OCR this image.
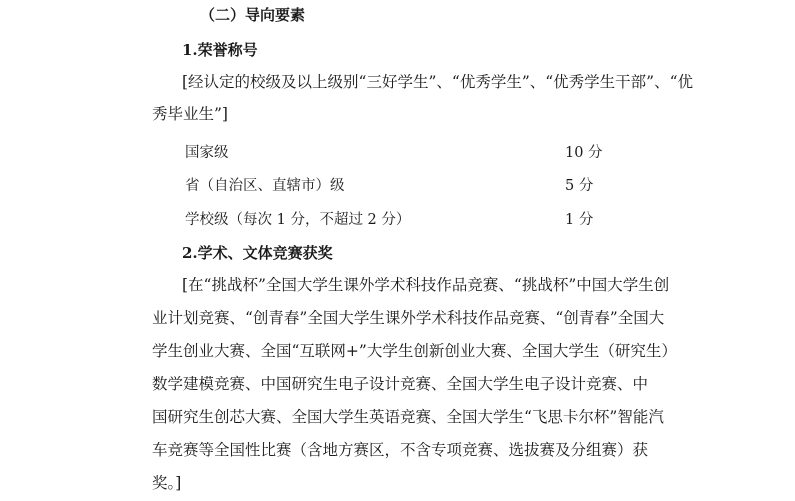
（二）导向要素
1.荣誉称号
[经认定的校级及以上级别“三好学生”、“优秀学生”、“优秀学生干部”、“优
秀毕业生”]
国家级	10 分
省（自治区、直辖市）级	5 分
学校级（每次 1 分，不超过 2 分）	1 分
2.学术、文体竞赛获奖
[在“挑战杯”全国大学生课外学术科技作品竞赛、“挑战杯”中国大学生创
业计划竞赛、“创青春”全国大学生课外学术科技作品竞赛、“创青春”全国大
学生创业大赛、全国“互联网+”大学生创新创业大赛、全国大学生（研究生）
数学建模竞赛、中国研究生电子设计竞赛、全国大学生电子设计竞赛、中
国研究生创芯大赛、全国大学生英语竞赛、全国大学生“飞思卡尔杯”智能汽
车竞赛等全国性比赛（含地方赛区，不含专项竞赛、选拔赛及分组赛）获
奖。]
